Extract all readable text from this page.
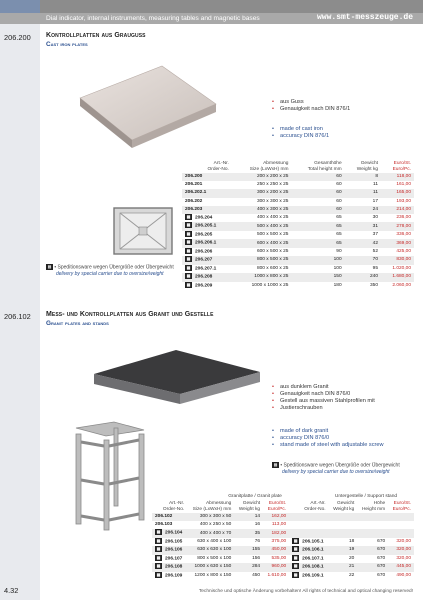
Dial indicator, internal instruments, measuring tables and magnetic bases	www.smt-messzeuge.de
206.200 Kontrollplatten aus Grauguss
Cast iron plates
• aus Guss
• Genauigkeit nach DIN 876/1
• made of cast iron
• accuracy DIN 876/1
Art.-Nr.
Order-No.	Abmessung
Size (LxWxH) mm	Gesamthöhe
Total height mm	Gewicht
Weight kg	Euro/St.
Euro/Pc.
206.200	200 x 200 x 25	60	8	118,00
206.201	250 x 250 x 25	60	11	161,00
206.202.1	300 x 200 x 25	60	11	165,00
206.202	300 x 300 x 25	60	17	193,00
206.203	400 x 300 x 25	60	24	214,00
▩ 206.204	400 x 400 x 25	65	30	236,00
▩ 206.205.1	500 x 400 x 25	65	31	278,00
▩ 206.205	500 x 500 x 25	65	37	336,00
▩ 206.206.1	600 x 400 x 25	65	42	369,00
▩ 206.206	600 x 500 x 25	90	52	425,00
▩ 206.207	800 x 500 x 25	100	70	830,00
▩ 206.207.1	800 x 600 x 25	100	95	1.020,00
▩ 206.208	1000 x 800 x 25	150	240	1.680,00
▩ 206.209	1000 x 1000 x 25	180	350	2.060,00
▩ • Speditionsware wegen Übergröße oder Übergewicht
delivery by special carrier due to oversize/weight
206.102 Mess- und Kontrollplatten aus Granit und Gestelle
Granit plates and stands
• aus dunklem Granit
• Genauigkeit nach DIN 876/0
• Gestell aus massiven Stahlprofilen mit
• Justierschrauben
• made of dark granit
• accuracy DIN 876/0
• stand made of steel with adjustable screw
▩ • Speditionsware wegen Übergröße oder Übergewicht
delivery by special carrier due to oversize/weight
Granitplatte / Granit plate	Untergestelle / Support stand
Art.-Nr.
Order-No.	Abmessung
Size (LxWxH) mm	Gewicht
Weight kg	Euro/St.
Euro/Pc.	Art.-Nr.
Order-No.	Gewicht
Weight kg	Höhe
Height mm	Euro/St.
Euro/Pc.
206.102	300 x 300 x 50	14	162,00				
206.103	400 x 250 x 50	16	113,00				
▩ 206.104	400 x 400 x 70	35	182,00				
▩ 206.105	630 x 400 x 100	76	375,00	▩ 206.105.1	18	670	320,00
▩ 206.106	630 x 630 x 100	155	450,00	▩ 206.106.1	19	670	320,00
▩ 206.107	800 x 500 x 100	156	535,00	▩ 206.107.1	20	670	320,00
▩ 206.108	1000 x 630 x 150	284	960,00	▩ 206.108.1	21	670	445,00
▩ 206.109	1200 x 800 x 150	450	1.610,00	▩ 206.109.1	22	670	490,00
4.32	Technische und optische Änderung vorbehalten! All rights of technical and optical changing reserved!
